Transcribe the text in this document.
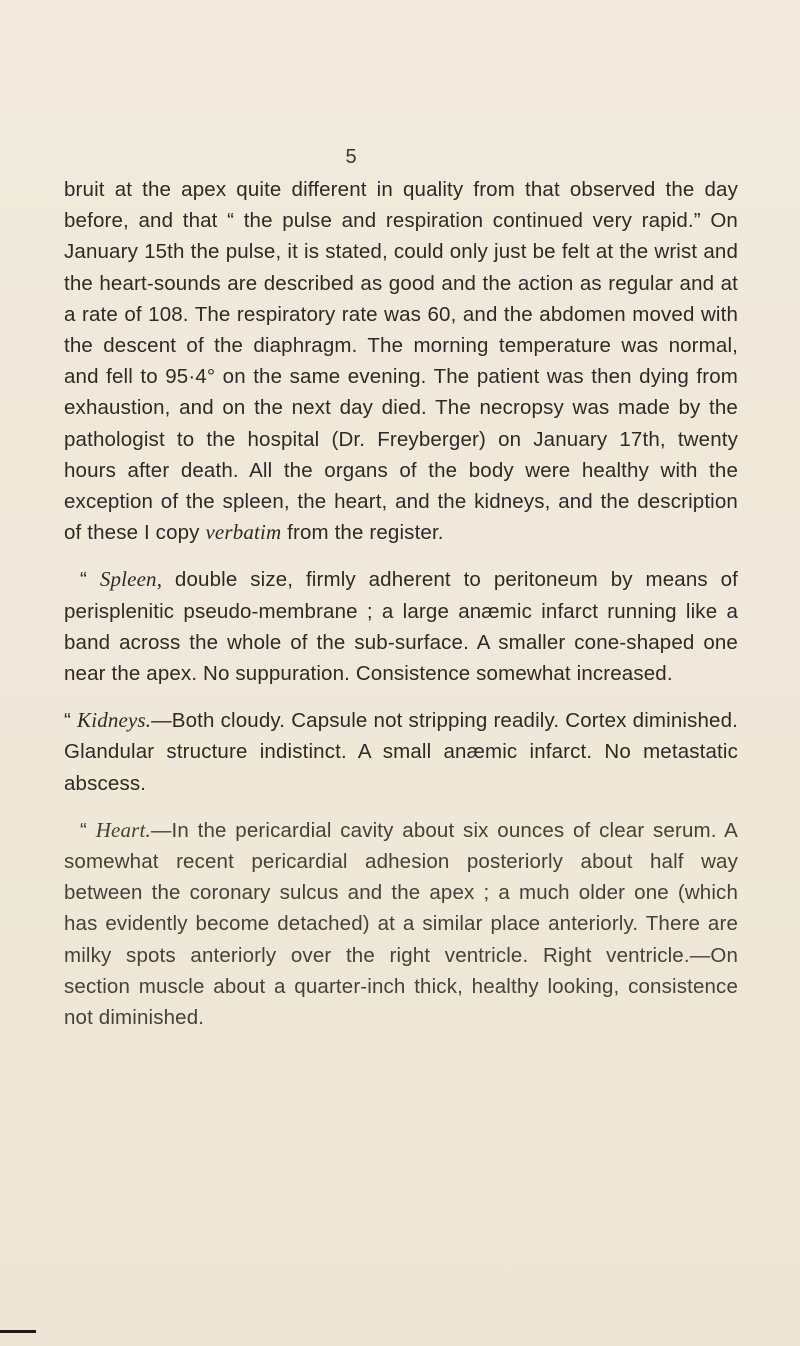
5

bruit at the apex quite different in quality from that observed the day before, and that “ the pulse and respiration continued very rapid.” On January 15th the pulse, it is stated, could only just be felt at the wrist and the heart-sounds are described as good and the action as regular and at a rate of 108. The respiratory rate was 60, and the abdomen moved with the descent of the diaphragm. The morning temperature was normal, and fell to 95·4° on the same evening. The patient was then dying from exhaustion, and on the next day died. The necropsy was made by the pathologist to the hospital (Dr. Freyberger) on January 17th, twenty hours after death. All the organs of the body were healthy with the exception of the spleen, the heart, and the kidneys, and the description of these I copy verbatim from the register.

“ Spleen, double size, firmly adherent to peritoneum by means of perisplenitic pseudo-membrane ; a large anæmic infarct running like a band across the whole of the sub-surface. A smaller cone-shaped one near the apex. No suppuration. Consistence somewhat increased.

“ Kidneys.—Both cloudy. Capsule not stripping readily. Cortex diminished. Glandular structure indistinct. A small anæmic infarct. No metastatic abscess.

“ Heart.—In the pericardial cavity about six ounces of clear serum. A somewhat recent pericardial adhesion posteriorly about half way between the coronary sulcus and the apex ; a much older one (which has evidently become detached) at a similar place anteriorly. There are milky spots anteriorly over the right ventricle. Right ventricle.—On section muscle about a quarter-inch thick, healthy looking, consistence not diminished.
